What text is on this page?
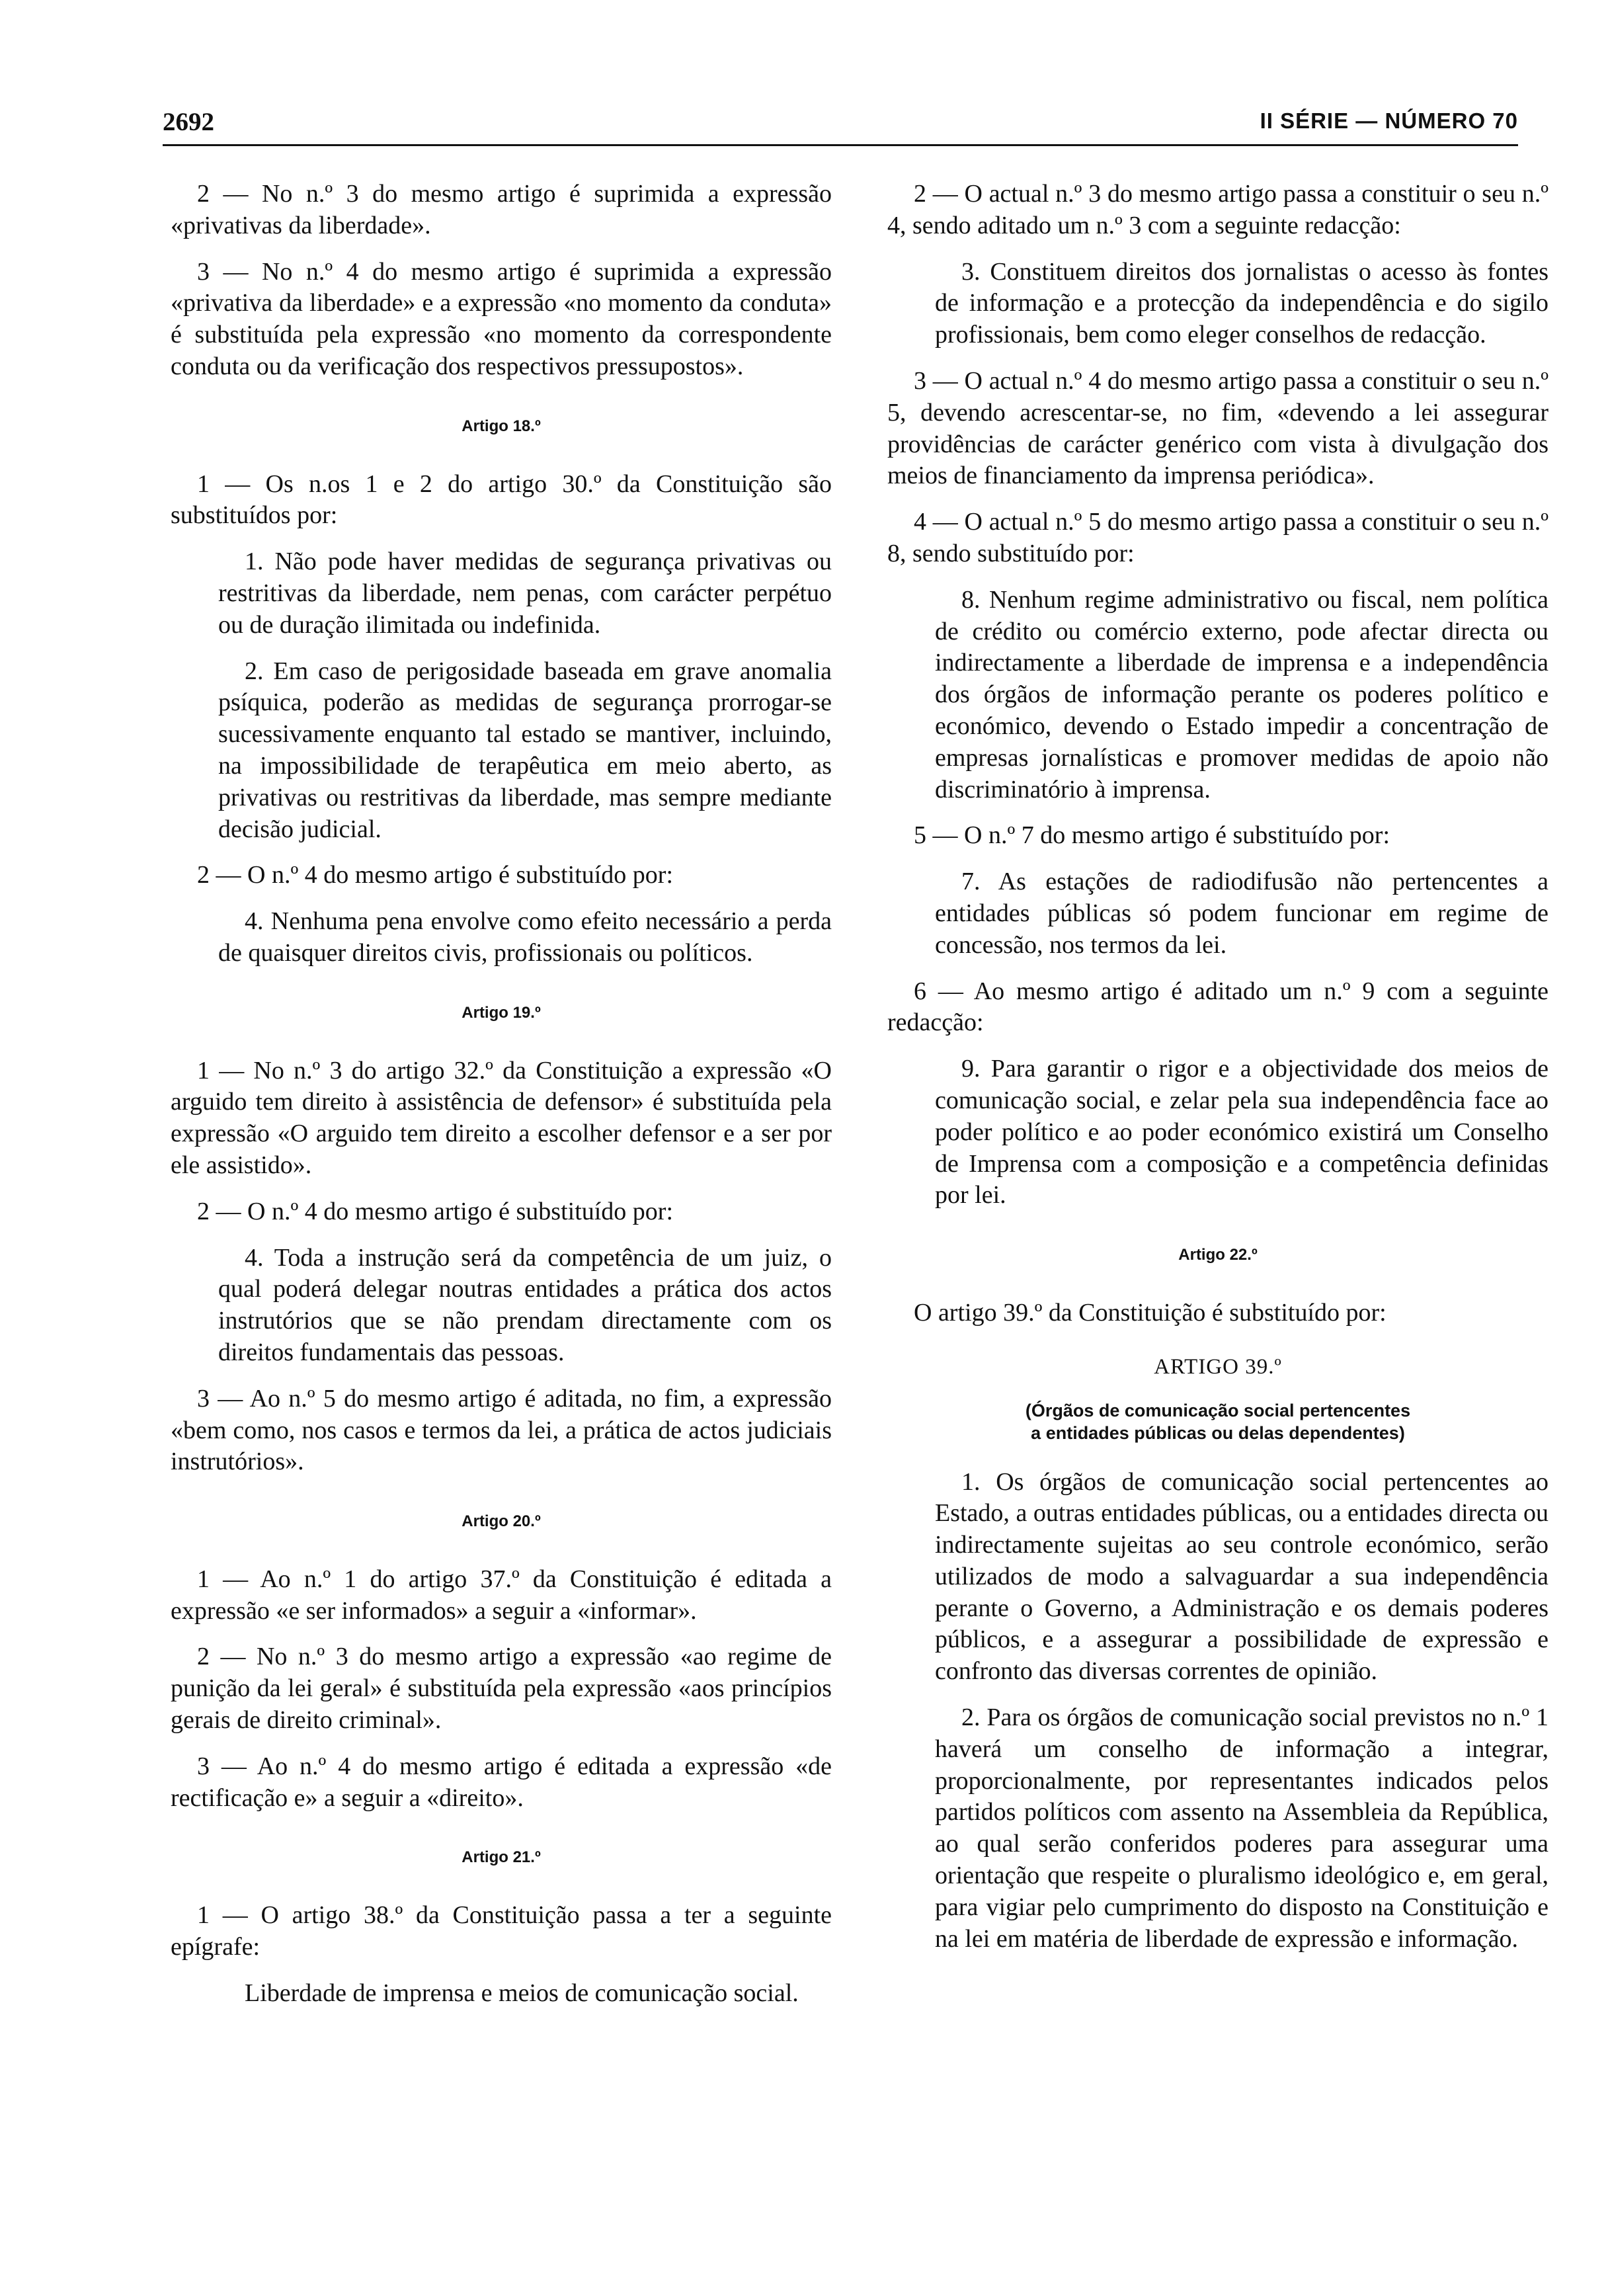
2692	II SÉRIE — NÚMERO 70

2 — No n.º 3 do mesmo artigo é suprimida a expressão «privativas da liberdade».

3 — No n.º 4 do mesmo artigo é suprimida a expressão «privativa da liberdade» e a expressão «no momento da conduta» é substituída pela expressão «no momento da correspondente conduta ou da verificação dos respectivos pressupostos».

Artigo 18.º

1 — Os n.os 1 e 2 do artigo 30.º da Constituição são substituídos por:

1. Não pode haver medidas de segurança privativas ou restritivas da liberdade, nem penas, com carácter perpétuo ou de duração ilimitada ou indefinida.

2. Em caso de perigosidade baseada em grave anomalia psíquica, poderão as medidas de segurança prorrogar-se sucessivamente enquanto tal estado se mantiver, incluindo, na impossibilidade de terapêutica em meio aberto, as privativas ou restritivas da liberdade, mas sempre mediante decisão judicial.

2 — O n.º 4 do mesmo artigo é substituído por:

4. Nenhuma pena envolve como efeito necessário a perda de quaisquer direitos civis, profissionais ou políticos.

Artigo 19.º

1 — No n.º 3 do artigo 32.º da Constituição a expressão «O arguido tem direito à assistência de defensor» é substituída pela expressão «O arguido tem direito a escolher defensor e a ser por ele assistido».

2 — O n.º 4 do mesmo artigo é substituído por:

4. Toda a instrução será da competência de um juiz, o qual poderá delegar noutras entidades a prática dos actos instrutórios que se não prendam directamente com os direitos fundamentais das pessoas.

3 — Ao n.º 5 do mesmo artigo é aditada, no fim, a expressão «bem como, nos casos e termos da lei, a prática de actos judiciais instrutórios».

Artigo 20.º

1 — Ao n.º 1 do artigo 37.º da Constituição é editada a expressão «e ser informados» a seguir a «informar».

2 — No n.º 3 do mesmo artigo a expressão «ao regime de punição da lei geral» é substituída pela expressão «aos princípios gerais de direito criminal».

3 — Ao n.º 4 do mesmo artigo é editada a expressão «de rectificação e» a seguir a «direito».

Artigo 21.º

1 — O artigo 38.º da Constituição passa a ter a seguinte epígrafe:

Liberdade de imprensa e meios de comunicação social.

2 — O actual n.º 3 do mesmo artigo passa a constituir o seu n.º 4, sendo aditado um n.º 3 com a seguinte redacção:

3. Constituem direitos dos jornalistas o acesso às fontes de informação e a protecção da independência e do sigilo profissionais, bem como eleger conselhos de redacção.

3 — O actual n.º 4 do mesmo artigo passa a constituir o seu n.º 5, devendo acrescentar-se, no fim, «devendo a lei assegurar providências de carácter genérico com vista à divulgação dos meios de financiamento da imprensa periódica».

4 — O actual n.º 5 do mesmo artigo passa a constituir o seu n.º 8, sendo substituído por:

8. Nenhum regime administrativo ou fiscal, nem política de crédito ou comércio externo, pode afectar directa ou indirectamente a liberdade de imprensa e a independência dos órgãos de informação perante os poderes político e económico, devendo o Estado impedir a concentração de empresas jornalísticas e promover medidas de apoio não discriminatório à imprensa.

5 — O n.º 7 do mesmo artigo é substituído por:

7. As estações de radiodifusão não pertencentes a entidades públicas só podem funcionar em regime de concessão, nos termos da lei.

6 — Ao mesmo artigo é aditado um n.º 9 com a seguinte redacção:

9. Para garantir o rigor e a objectividade dos meios de comunicação social, e zelar pela sua independência face ao poder político e ao poder económico existirá um Conselho de Imprensa com a composição e a competência definidas por lei.

Artigo 22.º

O artigo 39.º da Constituição é substituído por:

ARTIGO 39.º
(Órgãos de comunicação social pertencentes
a entidades públicas ou delas dependentes)

1. Os órgãos de comunicação social pertencentes ao Estado, a outras entidades públicas, ou a entidades directa ou indirectamente sujeitas ao seu controle económico, serão utilizados de modo a salvaguardar a sua independência perante o Governo, a Administração e os demais poderes públicos, e a assegurar a possibilidade de expressão e confronto das diversas correntes de opinião.

2. Para os órgãos de comunicação social previstos no n.º 1 haverá um conselho de informação a integrar, proporcionalmente, por representantes indicados pelos partidos políticos com assento na Assembleia da República, ao qual serão conferidos poderes para assegurar uma orientação que respeite o pluralismo ideológico e, em geral, para vigiar pelo cumprimento do disposto na Constituição e na lei em matéria de liberdade de expressão e informação.
